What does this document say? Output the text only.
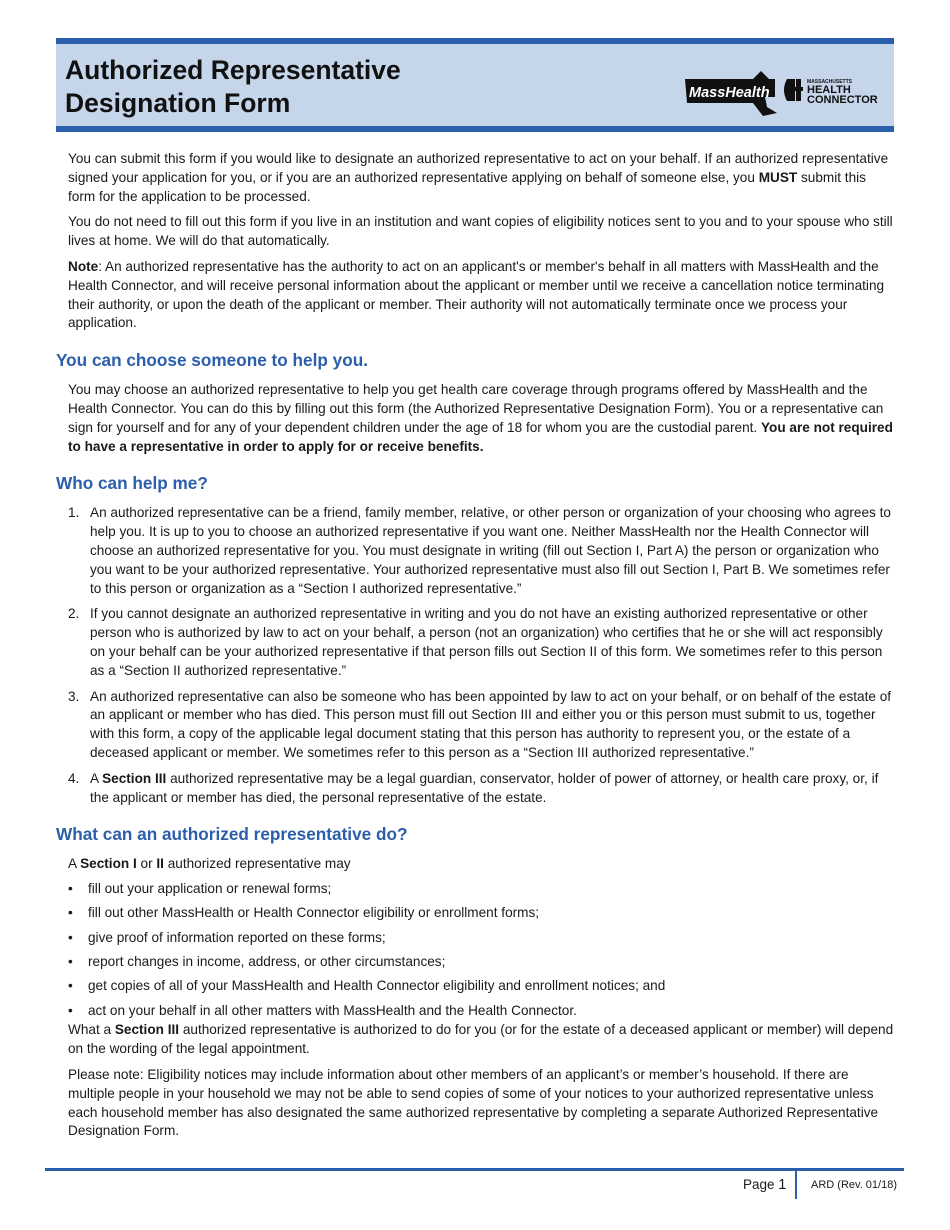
Authorized Representative
Designation Form	MassHealth
MASSACHUSETTS
HEALTH
CONNECTOR

You can submit this form if you would like to designate an authorized representative to act on your behalf. If an authorized representative signed your application for you, or if you are an authorized representative applying on behalf of someone else, you MUST submit this form for the application to be processed.

You do not need to fill out this form if you live in an institution and want copies of eligibility notices sent to you and to your spouse who still lives at home. We will do that automatically.

Note: An authorized representative has the authority to act on an applicant's or member's behalf in all matters with MassHealth and the Health Connector, and will receive personal information about the applicant or member until we receive a cancellation notice terminating their authority, or upon the death of the applicant or member. Their authority will not automatically terminate once we process your application.

You can choose someone to help you.

You may choose an authorized representative to help you get health care coverage through programs offered by MassHealth and the Health Connector. You can do this by filling out this form (the Authorized Representative Designation Form). You or a representative can sign for yourself and for any of your dependent children under the age of 18 for whom you are the custodial parent. You are not required to have a representative in order to apply for or receive benefits.

Who can help me?
1. An authorized representative can be a friend, family member, relative, or other person or organization of your choosing who agrees to help you. It is up to you to choose an authorized representative if you want one. Neither MassHealth nor the Health Connector will choose an authorized representative for you. You must designate in writing (fill out Section I, Part A) the person or organization who you want to be your authorized representative. Your authorized representative must also fill out Section I, Part B. We sometimes refer to this person or organization as a “Section I authorized representative.”
2. If you cannot designate an authorized representative in writing and you do not have an existing authorized representative or other person who is authorized by law to act on your behalf, a person (not an organization) who certifies that he or she will act responsibly on your behalf can be your authorized representative if that person fills out Section II of this form. We sometimes refer to this person as a “Section II authorized representative.”
3. An authorized representative can also be someone who has been appointed by law to act on your behalf, or on behalf of the estate of an applicant or member who has died. This person must fill out Section III and either you or this person must submit to us, together with this form, a copy of the applicable legal document stating that this person has authority to represent you, or the estate of a deceased applicant or member. We sometimes refer to this person as a “Section III authorized representative.”
4. A Section III authorized representative may be a legal guardian, conservator, holder of power of attorney, or health care proxy, or, if the applicant or member has died, the personal representative of the estate.
What can an authorized representative do?

A Section I or II authorized representative may

• fill out your application or renewal forms;
• fill out other MassHealth or Health Connector eligibility or enrollment forms;
• give proof of information reported on these forms;
• report changes in income, address, or other circumstances;
• get copies of all of your MassHealth and Health Connector eligibility and enrollment notices; and
• act on your behalf in all other matters with MassHealth and the Health Connector.

What a Section III authorized representative is authorized to do for you (or for the estate of a deceased applicant or member) will depend on the wording of the legal appointment.

Please note: Eligibility notices may include information about other members of an applicant’s or member’s household. If there are multiple people in your household we may not be able to send copies of some of your notices to your authorized representative unless each household member has also designated the same authorized representative by completing a separate Authorized Representative Designation Form.

Page 1 ARD (Rev. 01/18)
